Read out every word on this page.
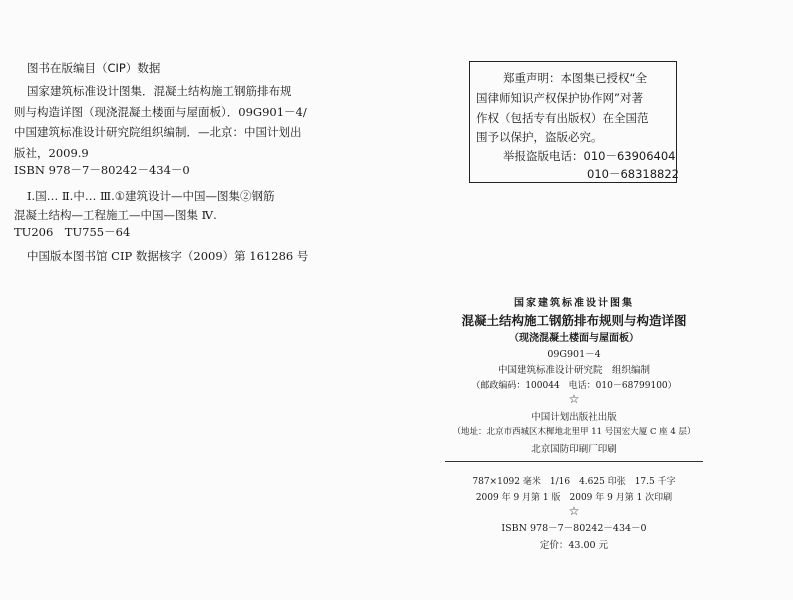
图书在版编目（CIP）数据
国家建筑标准设计图集．混凝土结构施工钢筋排布规
则与构造详图（现浇混凝土楼面与屋面板）．09G901－4/
中国建筑标准设计研究院组织编制．—北京：中国计划出
版社，2009.9
ISBN 978－7－80242－434－0
Ⅰ.国… Ⅱ.中… Ⅲ.①建筑设计—中国—图集②钢筋
混凝土结构—工程施工—中国—图集 Ⅳ.
TU206　TU755－64
中国版本图书馆 CIP 数据核字（2009）第 161286 号
郑重声明：本图集已授权“全
国律师知识产权保护协作网”对著
作权（包括专有出版权）在全国范
围予以保护，盗版必究。
举报盗版电话：010－63906404
010－68318822
国家建筑标准设计图集
混凝土结构施工钢筋排布规则与构造详图
（现浇混凝土楼面与屋面板）
09G901－4
中国建筑标准设计研究院　组织编制
（邮政编码：100044　电话：010－68799100）
☆
中国计划出版社出版
（地址：北京市西城区木樨地北里甲 11 号国宏大厦 C 座 4 层）
北京国防印刷厂印刷
787×1092 毫米　1/16　4.625 印张　17.5 千字
2009 年 9 月第 1 版　2009 年 9 月第 1 次印刷
☆
ISBN 978－7－80242－434－0
定价：43.00 元
